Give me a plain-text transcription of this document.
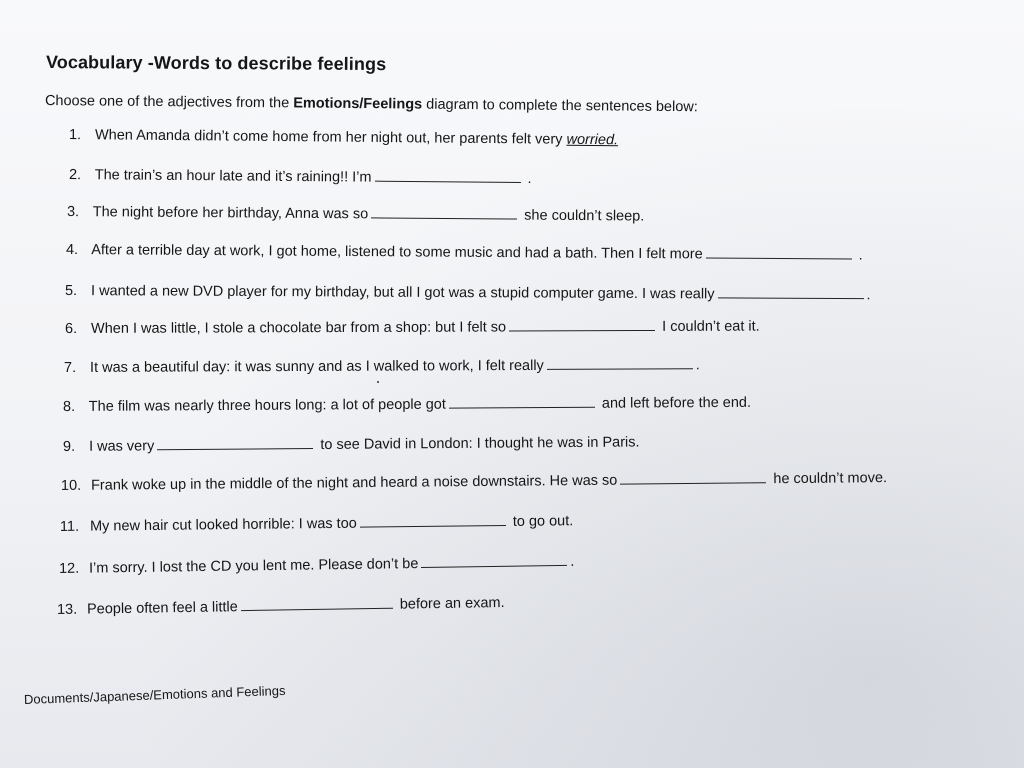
Vocabulary -Words to describe feelings
Choose one of the adjectives from the Emotions/Feelings diagram to complete the sentences below:
1. When Amanda didn’t come home from her night out, her parents felt very worried.
2. The train’s an hour late and it’s raining!! I’m	.
3. The night before her birthday, Anna was so	she couldn’t sleep.
4. After a terrible day at work, I got home, listened to some music and had a bath. Then I felt more	.
5. I wanted a new DVD player for my birthday, but all I got was a stupid computer game. I was really	.
6. When I was little, I stole a chocolate bar from a shop: but I felt so	I couldn’t eat it.
7. It was a beautiful day: it was sunny and as I walked to work, I felt really	.
8. The film was nearly three hours long: a lot of people got	and left before the end.
9. I was very	to see David in London: I thought he was in Paris.
10. Frank woke up in the middle of the night and heard a noise downstairs. He was so	he couldn’t move.
11. My new hair cut looked horrible: I was too	to go out.
12. I’m sorry. I lost the CD you lent me. Please don’t be	.
13. People often feel a little	before an exam.
Documents/Japanese/Emotions and Feelings
